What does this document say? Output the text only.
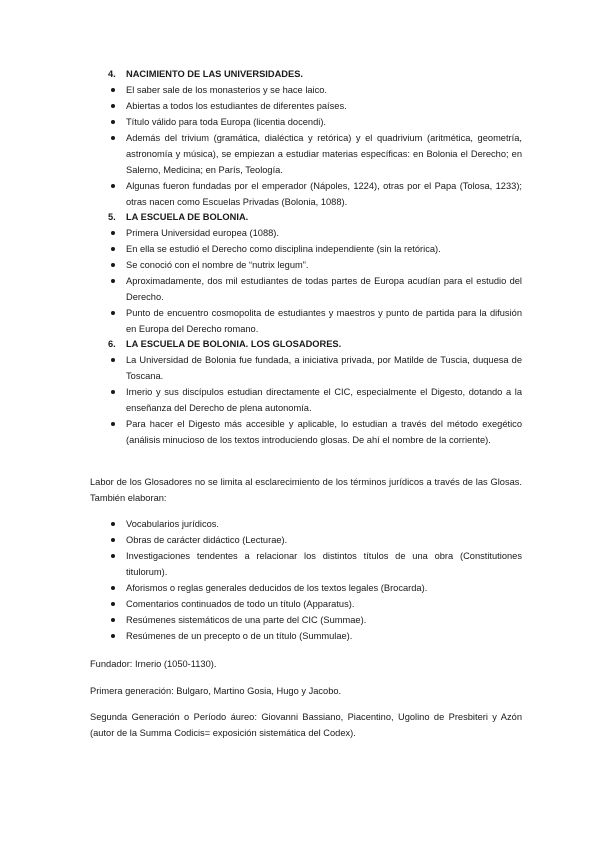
4. NACIMIENTO DE LAS UNIVERSIDADES.
El saber sale de los monasterios y se hace laico.
Abiertas a todos los estudiantes de diferentes países.
Título válido para toda Europa (licentia docendi).
Además del trivium (gramática, dialéctica y retórica) y el quadrivium (aritmética, geometría, astronomía y música), se empiezan a estudiar materias específicas: en Bolonia el Derecho; en Salerno, Medicina; en París, Teología.
Algunas fueron fundadas por el emperador (Nápoles, 1224), otras por el Papa (Tolosa, 1233); otras nacen como Escuelas Privadas (Bolonia, 1088).
5. LA ESCUELA DE BOLONIA.
Primera Universidad europea (1088).
En ella se estudió el Derecho como disciplina independiente (sin la retórica).
Se conoció con el nombre de “nutrix legum”.
Aproximadamente, dos mil estudiantes de todas partes de Europa acudían para el estudio del Derecho.
Punto de encuentro cosmopolita de estudiantes y maestros y punto de partida para la difusión en Europa del Derecho romano.
6. LA ESCUELA DE BOLONIA. LOS GLOSADORES.
La Universidad de Bolonia fue fundada, a iniciativa privada, por Matilde de Tuscia, duquesa de Toscana.
Irnerio y sus discípulos estudian directamente el CIC, especialmente el Digesto, dotando a la enseñanza del Derecho de plena autonomía.
Para hacer el Digesto más accesible y aplicable, lo estudian a través del método exegético (análisis minucioso de los textos introduciendo glosas. De ahí el nombre de la corriente).
Labor de los Glosadores no se limita al esclarecimiento de los términos jurídicos a través de las Glosas. También elaboran:
Vocabularios jurídicos.
Obras de carácter didáctico (Lecturae).
Investigaciones tendentes a relacionar los distintos títulos de una obra (Constitutiones titulorum).
Aforismos o reglas generales deducidos de los textos legales (Brocarda).
Comentarios continuados de todo un título (Apparatus).
Resúmenes sistemáticos de una parte del CIC (Summae).
Resúmenes de un precepto o de un título (Summulae).
Fundador: Irnerio (1050-1130).
Primera generación: Bulgaro, Martino Gosia, Hugo y Jacobo.
Segunda Generación o Período áureo: Giovanni Bassiano, Piacentino, Ugolino de Presbiteri y Azón (autor de la Summa Codicis= exposición sistemática del Codex).
